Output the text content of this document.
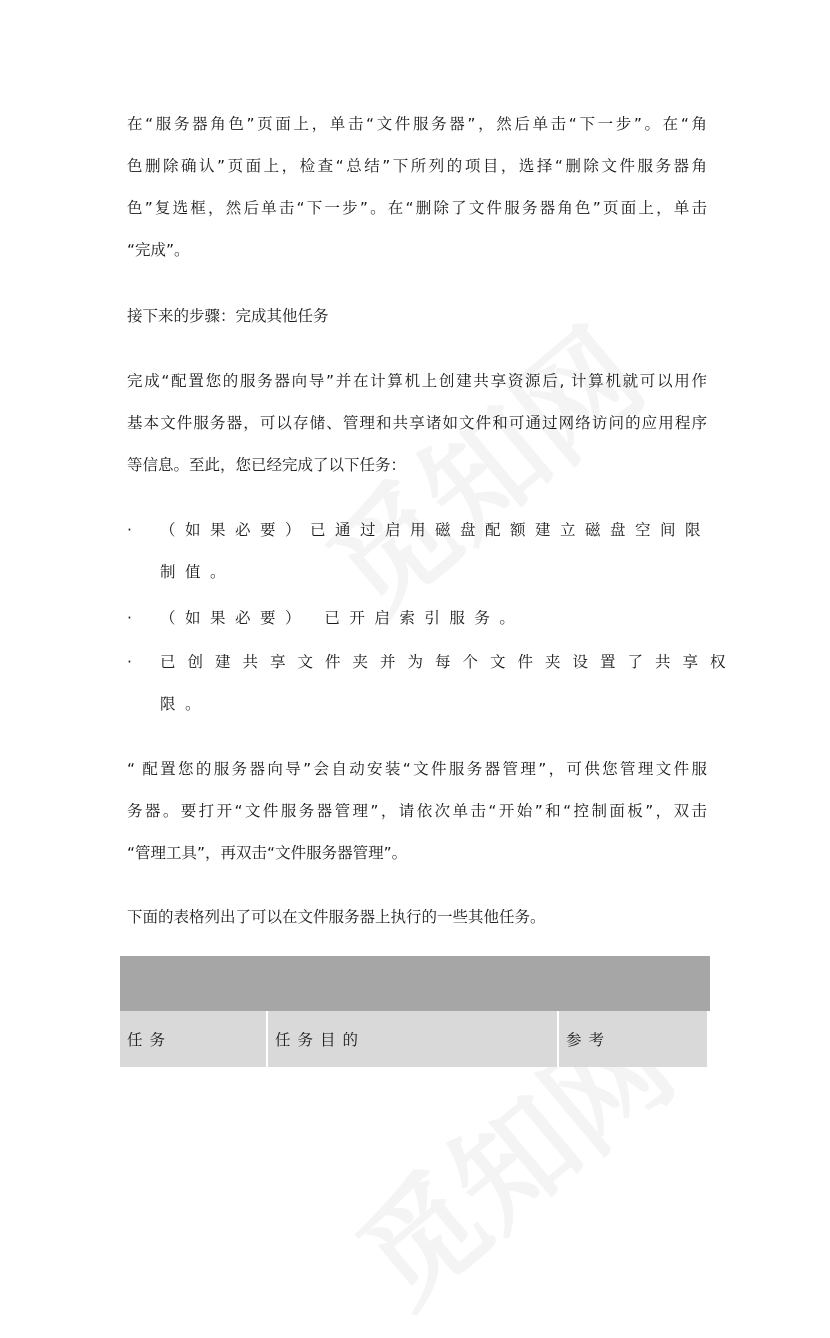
在“服务器角色”页面上，单击“文件服务器”，然后单击“下一步”。在“角
色删除确认”页面上，检查“总结”下所列的项目，选择“删除文件服务器角
色”复选框，然后单击“下一步”。在“删除了文件服务器角色”页面上，单击
“完成”。

接下来的步骤：完成其他任务

完成“配置您的服务器向导”并在计算机上创建共享资源后, 计算机就可以用作
基本文件服务器，可以存储、管理和共享诸如文件和可通过网络访问的应用程序
等信息。至此，您已经完成了以下任务：

· （如果必要）已通过启用磁盘配额建立磁盘空间限
制值。
· （如果必要） 已开启索引服务。
· 已创建共享文件夹并为每个文件夹设置了共享权
限。

“ 配置您的服务器向导”会自动安装“文件服务器管理”，可供您管理文件服
务器。要打开“文件服务器管理”，请依次单击“开始”和“控制面板”，双击
“管理工具”，再双击“文件服务器管理”。

下面的表格列出了可以在文件服务器上执行的一些其他任务。

任务	任务目的	参考
